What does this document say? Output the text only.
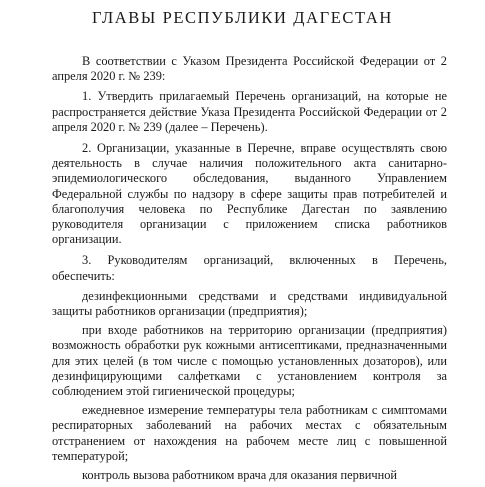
ГЛАВЫ РЕСПУБЛИКИ ДАГЕСТАН
В соответствии с Указом Президента Российской Федерации от 2 апреля 2020 г. № 239:
1. Утвердить прилагаемый Перечень организаций, на которые не распространяется действие Указа Президента Российской Федерации от 2 апреля 2020 г. № 239 (далее – Перечень).
2. Организации, указанные в Перечне, вправе осуществлять свою деятельность в случае наличия положительного акта санитарно-эпидемиологического обследования, выданного Управлением Федеральной службы по надзору в сфере защиты прав потребителей и благополучия человека по Республике Дагестан по заявлению руководителя организации с приложением списка работников организации.
3. Руководителям организаций, включенных в Перечень, обеспечить:
дезинфекционными средствами и средствами индивидуальной защиты работников организации (предприятия);
при входе работников на территорию организации (предприятия) возможность обработки рук кожными антисептиками, предназначенными для этих целей (в том числе с помощью установленных дозаторов), или дезинфицирующими салфетками с установлением контроля за соблюдением этой гигиенической процедуры;
ежедневное измерение температуры тела работникам с симптомами респираторных заболеваний на рабочих местах с обязательным отстранением от нахождения на рабочем месте лиц с повышенной температурой;
контроль вызова работником врача для оказания первичной
